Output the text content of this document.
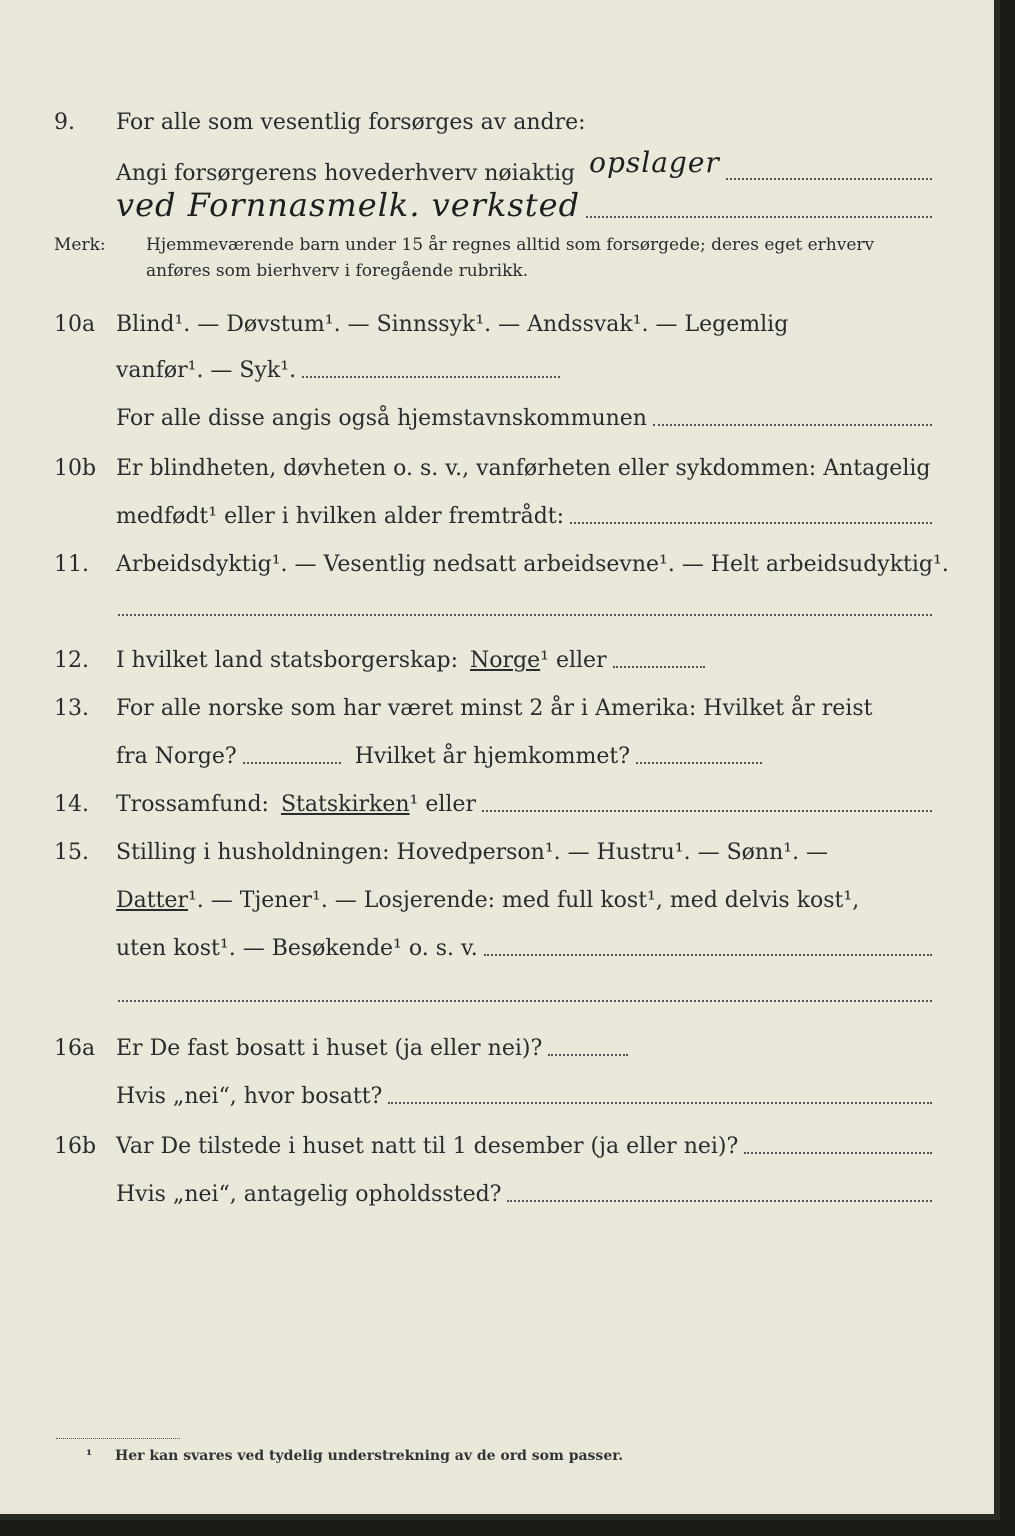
9. For alle som vesentlig forsørges av andre:
Angi forsørgerens hovederhverv nøiaktig opslager
ved Fornnasmelk. verksted
Merk: Hjemmeværende barn under 15 år regnes alltid som forsørgede; deres eget erhverv anføres som bierhverv i foregående rubrikk.
10a Blind¹. — Døvstum¹. — Sinnssyk¹. — Andssvak¹. — Legemlig
vanfør¹. — Syk¹.
For alle disse angis også hjemstavnskommunen
10b Er blindheten, døvheten o. s. v., vanførheten eller sykdommen: Antagelig
medfødt¹ eller i hvilken alder fremtrådt:
11. Arbeidsdyktig¹. — Vesentlig nedsatt arbeidsevne¹. — Helt arbeidsudyktig¹.
12. I hvilket land statsborgerskap: Norge ¹ eller
13. For alle norske som har været minst 2 år i Amerika: Hvilket år reist
fra Norge?	Hvilket år hjemkommet?
14. Trossamfund: Statskirken ¹ eller
15. Stilling i husholdningen: Hovedperson¹. — Hustru¹. — Sønn¹. —
Datter ¹. — Tjener¹. — Losjerende: med full kost¹, med delvis kost¹,
uten kost¹. — Besøkende¹ o. s. v.
16a Er De fast bosatt i huset (ja eller nei)?
Hvis „nei“, hvor bosatt?
16b Var De tilstede i huset natt til 1 desember (ja eller nei)?
Hvis „nei“, antagelig opholdssted?
¹ Her kan svares ved tydelig understrekning av de ord som passer.
